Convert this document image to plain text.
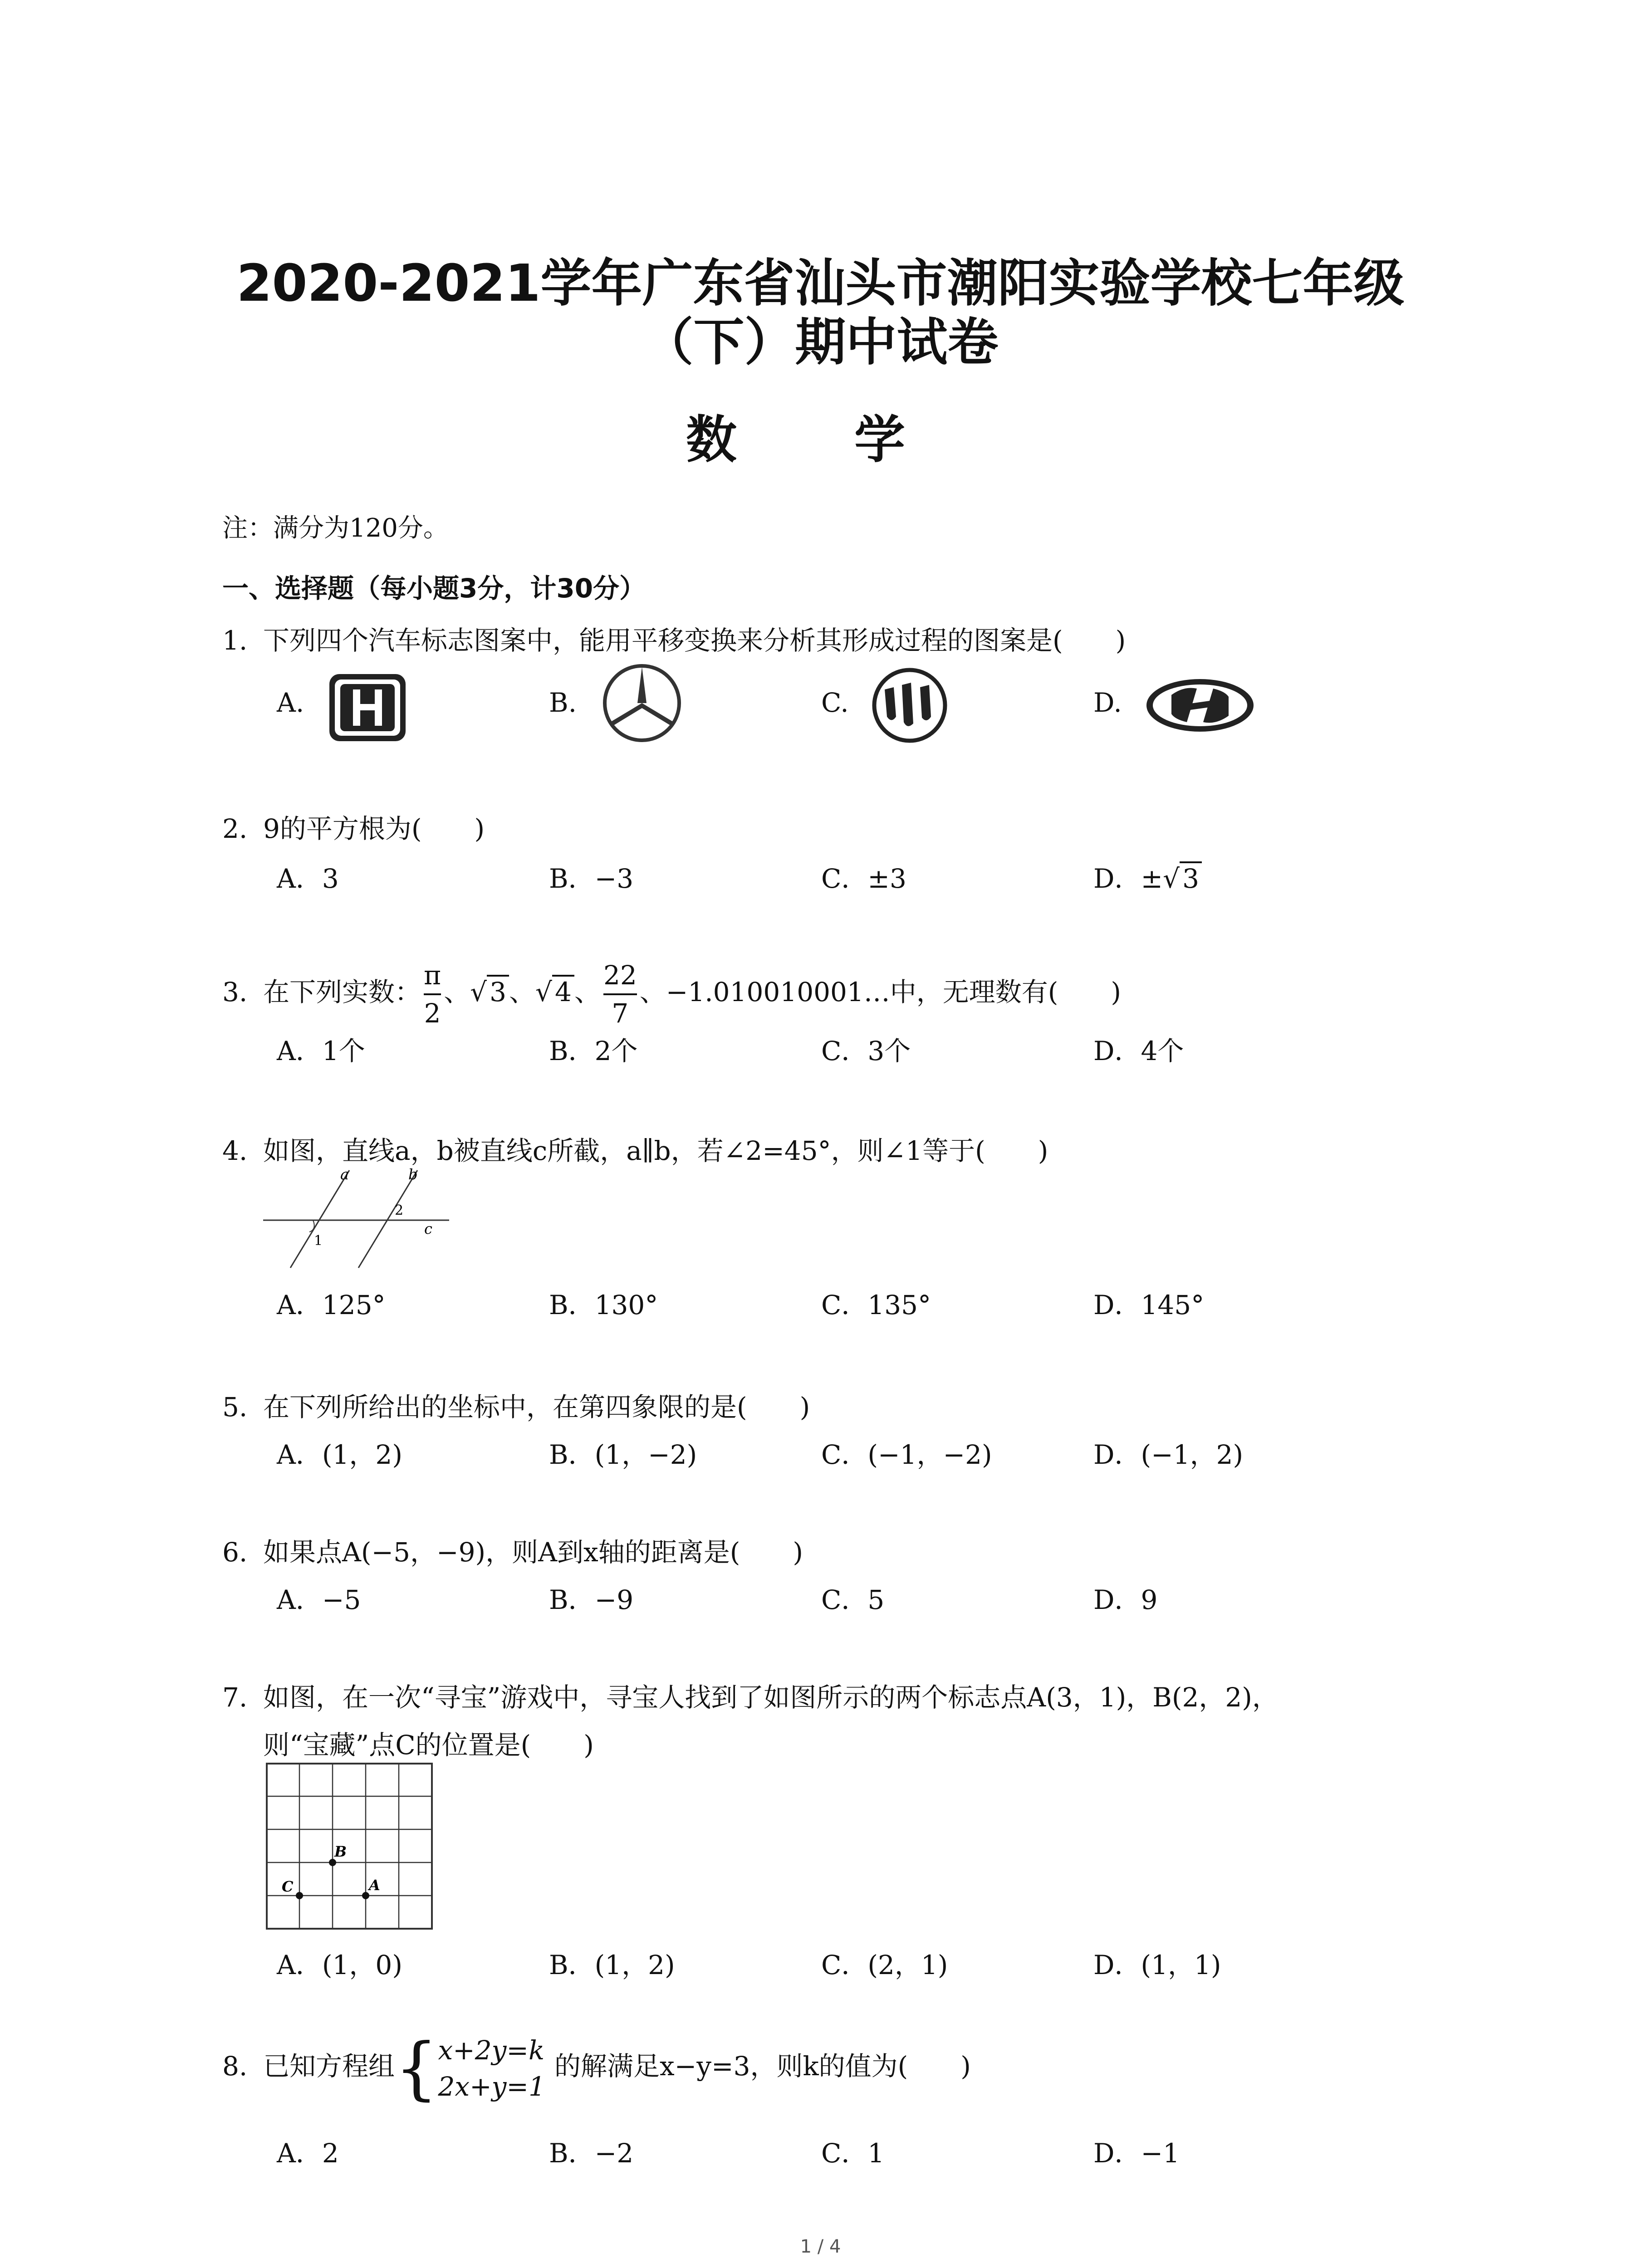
2020-2021学年广东省汕头市潮阳实验学校七年级
（下）期中试卷
数 学
注：满分为120分。
一、选择题（每小题3分，计30分）
1. 下列四个汽车标志图案中，能用平移变换来分析其形成过程的图案是(　　)
A.	B.	C.	D.
2. 9的平方根为(　　)
A．3	B．−3	C．±3	D．±√ 3
3. 在下列实数： $\frac{\pi}{2}$ 、√ 3 、√ 4 、 $\frac{22}{7}$ 、−1.010010001…中，无理数有(　　)
A．1个	B．2个	C．3个	D．4个
4. 如图，直线a，b被直线c所截，a∥b，若∠2=45°，则∠1等于(　　)
a	b
c
1
2
A．125°	B．130°	C．135°	D．145°
5. 在下列所给出的坐标中，在第四象限的是(　　)
A．(1，2)	B．(1，−2)	C．(−1，−2)	D．(−1，2)
6. 如果点A(−5，−9)，则A到x轴的距离是(　　)
A．−5	B．−9	C．5	D．9
7. 如图，在一次“寻宝”游戏中，寻宝人找到了如图所示的两个标志点A(3，1)，B(2，2)，
则“宝藏”点C的位置是(　　)
C
B
A
A．(1，0)	B．(1，2)	C．(2，1)	D．(1，1)
8. 已知方程组{ x+2y=k
2x+y=1
的解满足x−y=3，则k的值为(　　)
A．2	B．−2	C．1	D．−1
1 / 4
